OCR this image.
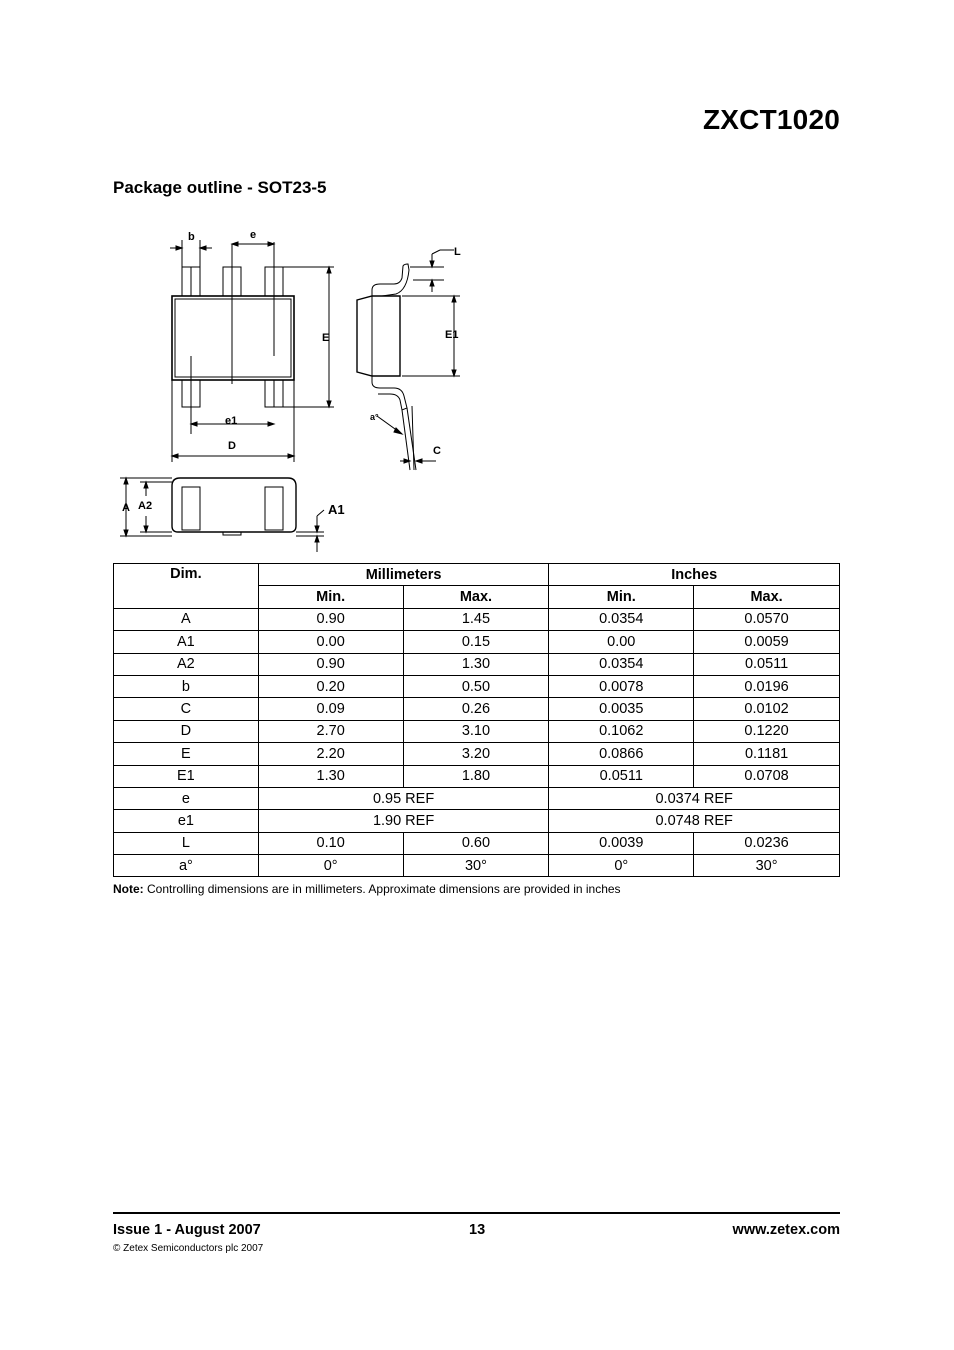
ZXCT1020
Package outline - SOT23-5
b	e
L
E	E1
a°
e1
D	C
A A2	A1
Dim.	Millimeters		Inches	
	Min.	Max.	Min.	Max.
A	0.90	1.45	0.0354	0.0570
A1	0.00	0.15	0.00	0.0059
A2	0.90	1.30	0.0354	0.0511
b	0.20	0.50	0.0078	0.0196
C	0.09	0.26	0.0035	0.0102
D	2.70	3.10	0.1062	0.1220
E	2.20	3.20	0.0866	0.1181
E1	1.30	1.80	0.0511	0.0708
e	0.95 REF		0.0374 REF	
e1	1.90 REF		0.0748 REF	
L	0.10	0.60	0.0039	0.0236
a°	0°	30°	0°	30°
Note: Controlling dimensions are in millimeters. Approximate dimensions are provided in inches
Issue 1 - August 2007	13	www.zetex.com
© Zetex Semiconductors plc 2007
